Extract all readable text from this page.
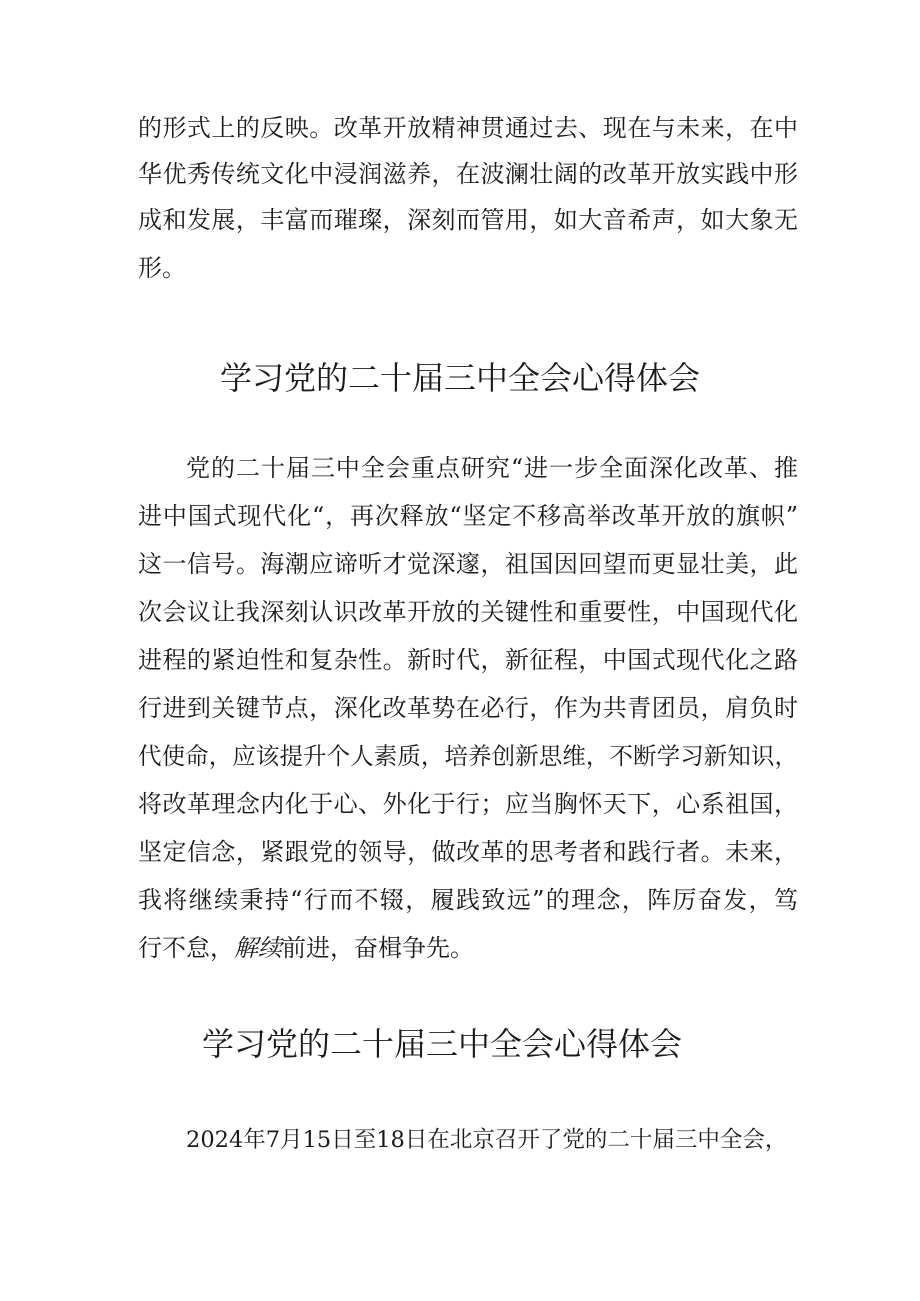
的形式上的反映。改革开放精神贯通过去、现在与未来，在中
华优秀传统文化中浸润滋养，在波澜壮阔的改革开放实践中形
成和发展，丰富而璀璨，深刻而管用，如大音希声，如大象无
形。
学习党的二十届三中全会心得体会
党的二十届三中全会重点研究“进一步全面深化改革、推
进中国式现代化“，再次释放“坚定不移高举改革开放的旗帜”
这一信号。海潮应谛听才觉深邃，祖国因回望而更显壮美，此
次会议让我深刻认识改革开放的关键性和重要性，中国现代化
进程的紧迫性和复杂性。新时代，新征程，中国式现代化之路
行进到关键节点，深化改革势在必行，作为共青团员，肩负时
代使命，应该提升个人素质，培养创新思维，不断学习新知识，
将改革理念内化于心、外化于行；应当胸怀天下，心系祖国，
坚定信念，紧跟党的领导，做改革的思考者和践行者。未来，
我将继续秉持“行而不辍，履践致远”的理念，阵厉奋发，笃
行不怠，解续前进，奋楫争先。
学习党的二十届三中全会心得体会
2024年7月15日至18日在北京召开了党的二十届三中全会，
